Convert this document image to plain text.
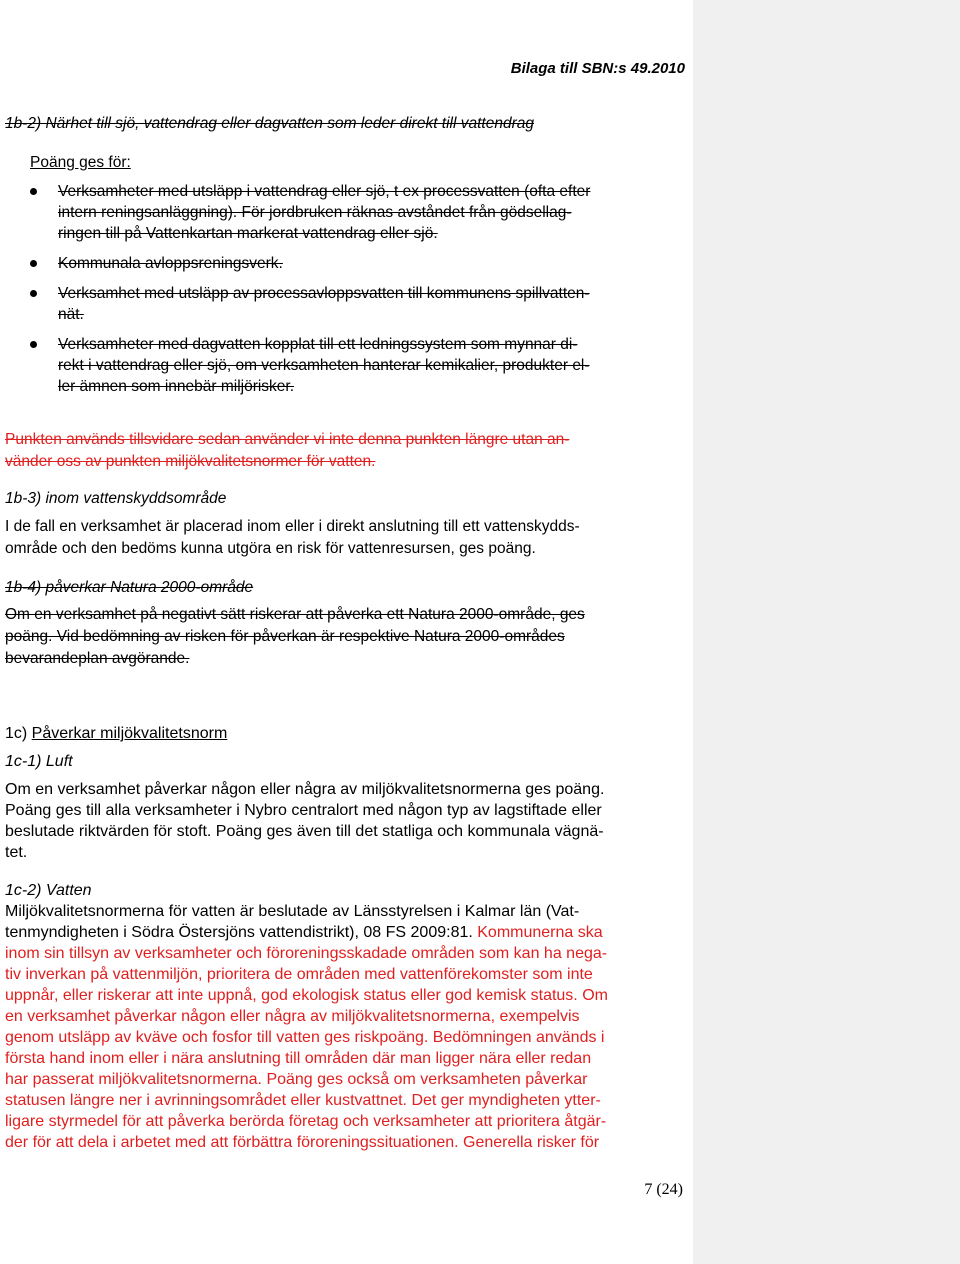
Bilaga till SBN:s 49.2010
1b-2) Närhet till sjö, vattendrag eller dagvatten som leder direkt till vattendrag
Poäng ges för:
Verksamheter med utsläpp i vattendrag eller sjö, t ex processvatten (ofta efter
intern reningsanläggning). För jordbruken räknas avståndet från gödsellag-
ringen till på Vattenkartan markerat vattendrag eller sjö.
Kommunala avloppsreningsverk.
Verksamhet med utsläpp av processavloppsvatten till kommunens spillvatten-
nät.
Verksamheter med dagvatten kopplat till ett ledningssystem som mynnar di-
rekt i vattendrag eller sjö, om verksamheten hanterar kemikalier, produkter el-
ler ämnen som innebär miljörisker.
Punkten används tillsvidare sedan använder vi inte denna punkten längre utan an-
vänder oss av punkten miljökvalitetsnormer för vatten.
1b-3) inom vattenskyddsområde
I de fall en verksamhet är placerad inom eller i direkt anslutning till ett vattenskydds-
område och den bedöms kunna utgöra en risk för vattenresursen, ges poäng.
1b-4) påverkar Natura 2000-område
Om en verksamhet på negativt sätt riskerar att påverka ett Natura 2000-område, ges
poäng. Vid bedömning av risken för påverkan är respektive Natura 2000-områdes
bevarandeplan avgörande.
1c) Påverkar miljökvalitetsnorm
1c-1) Luft
Om en verksamhet påverkar någon eller några av miljökvalitetsnormerna ges poäng.
Poäng ges till alla verksamheter i Nybro centralort med någon typ av lagstiftade eller
beslutade riktvärden för stoft. Poäng ges även till det statliga och kommunala vägnä-
tet.
1c-2) Vatten
Miljökvalitetsnormerna för vatten är beslutade av Länsstyrelsen i Kalmar län (Vat-
tenmyndigheten i Södra Östersjöns vattendistrikt), 08 FS 2009:81. Kommunerna ska
inom sin tillsyn av verksamheter och föroreningsskadade områden som kan ha nega-
tiv inverkan på vattenmiljön, prioritera de områden med vattenförekomster som inte
uppnår, eller riskerar att inte uppnå, god ekologisk status eller god kemisk status. Om
en verksamhet påverkar någon eller några av miljökvalitetsnormerna, exempelvis
genom utsläpp av kväve och fosfor till vatten ges riskpoäng. Bedömningen används i
första hand inom eller i nära anslutning till områden där man ligger nära eller redan
har passerat miljökvalitetsnormerna. Poäng ges också om verksamheten påverkar
statusen längre ner i avrinningsområdet eller kustvattnet. Det ger myndigheten ytter-
ligare styrmedel för att påverka berörda företag och verksamheter att prioritera åtgär-
der för att dela i arbetet med att förbättra föroreningssituationen. Generella risker för
7 (24)
